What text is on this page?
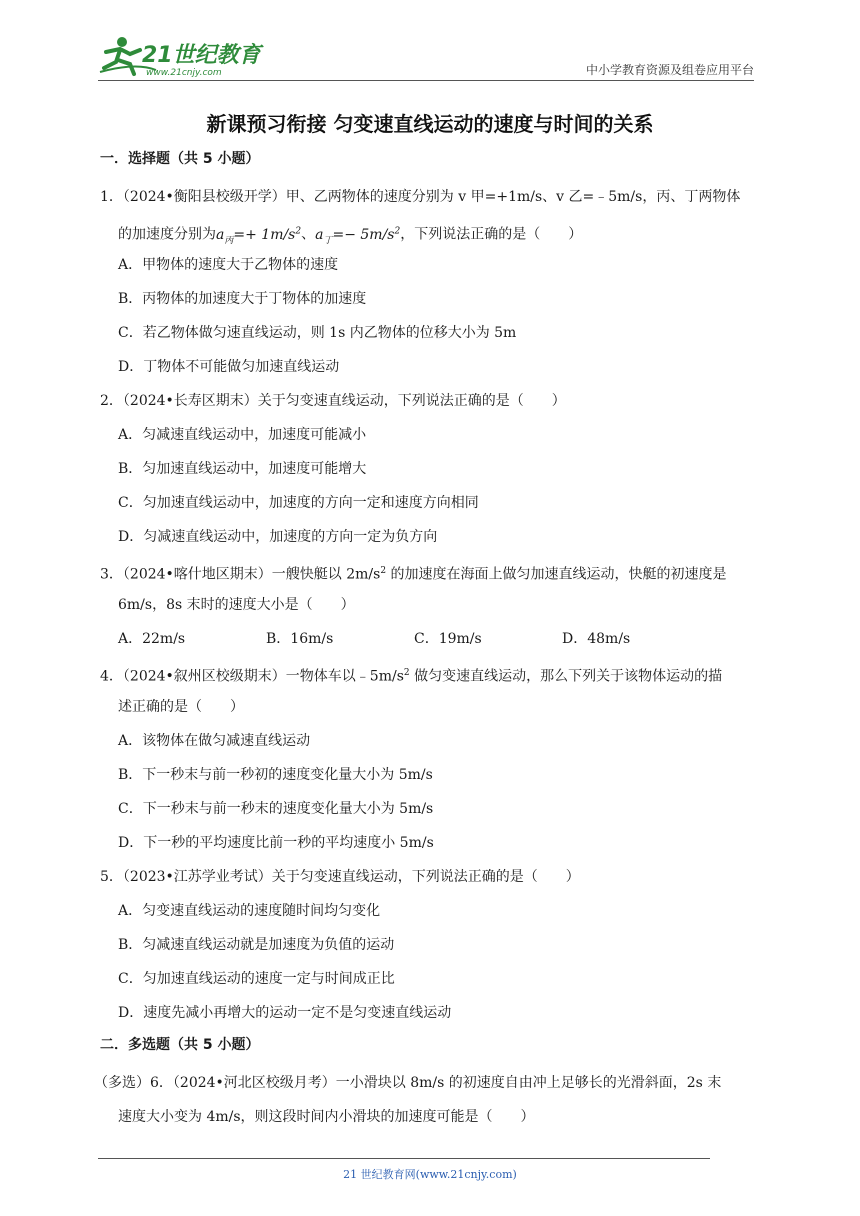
21世纪教育
www.21cnjy.com	中小学教育资源及组卷应用平台
新课预习衔接 匀变速直线运动的速度与时间的关系
一．选择题（共 5 小题）
1．（2024•衡阳县校级开学）甲、乙两物体的速度分别为 v 甲=+1m/s、v 乙=﹣5m/s，丙、丁两物体
的加速度分别为$a_丙=+ 1m/s^2$、$a_丁=- 5m/s^2$，下列说法正确的是（　　）
A．甲物体的速度大于乙物体的速度
B．丙物体的加速度大于丁物体的加速度
C．若乙物体做匀速直线运动，则 1s 内乙物体的位移大小为 5m
D．丁物体不可能做匀加速直线运动
2．（2024•长寿区期末）关于匀变速直线运动，下列说法正确的是（　　）
A．匀减速直线运动中，加速度可能减小
B．匀加速直线运动中，加速度可能增大
C．匀加速直线运动中，加速度的方向一定和速度方向相同
D．匀减速直线运动中，加速度的方向一定为负方向
3．（2024•喀什地区期末）一艘快艇以 $2m/s^2$ 的加速度在海面上做匀加速直线运动，快艇的初速度是
6m/s，8s 末时的速度大小是（　　）
A．22m/s	B．16m/s	C．19m/s	D．48m/s
4．（2024•叙州区校级期末）一物体车以$﹣5m/s^2$ 做匀变速直线运动，那么下列关于该物体运动的描
述正确的是（　　）
A．该物体在做匀减速直线运动
B．下一秒末与前一秒初的速度变化量大小为 5m/s
C．下一秒末与前一秒末的速度变化量大小为 5m/s
D．下一秒的平均速度比前一秒的平均速度小 5m/s
5．（2023•江苏学业考试）关于匀变速直线运动，下列说法正确的是（　　）
A．匀变速直线运动的速度随时间均匀变化
B．匀减速直线运动就是加速度为负值的运动
C．匀加速直线运动的速度一定与时间成正比
D．速度先减小再增大的运动一定不是匀变速直线运动
二．多选题（共 5 小题）
（多选）6．（2024•河北区校级月考）一小滑块以 8m/s 的初速度自由冲上足够长的光滑斜面，2s 末
速度大小变为 4m/s，则这段时间内小滑块的加速度可能是（　　）
21 世纪教育网(www.21cnjy.com)
